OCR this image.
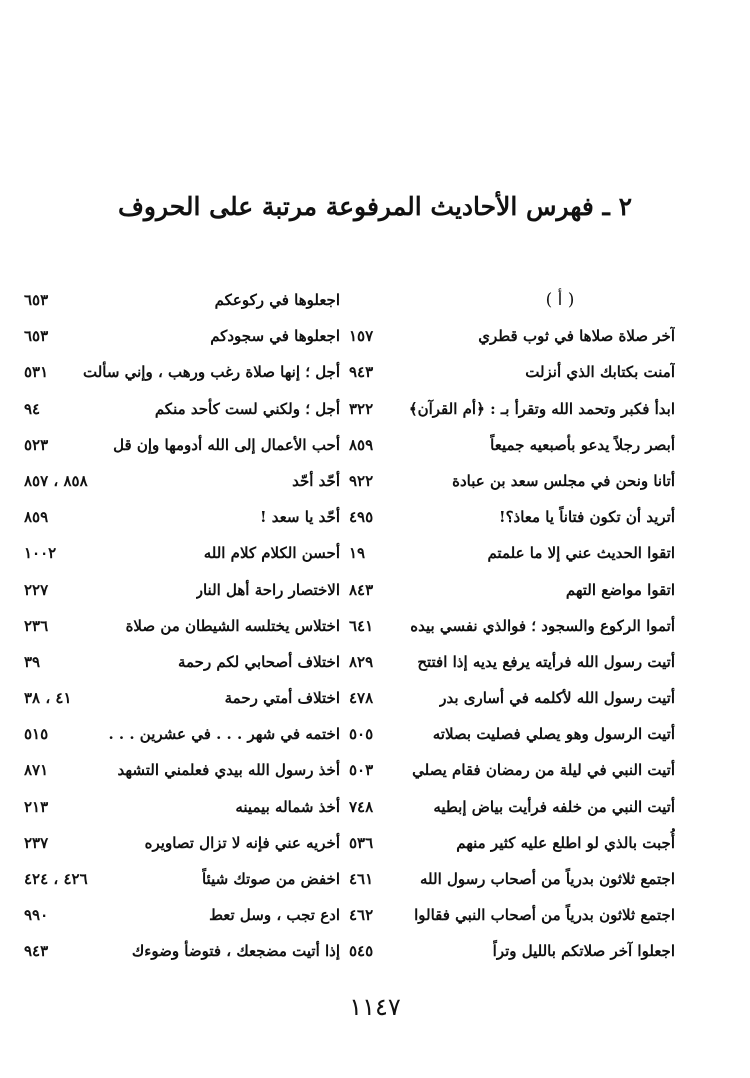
٢ ـ فهرس الأحاديث المرفوعة مرتبة على الحروف
( أ )
آخر صلاة صلاها في ثوب قطري
١٥٧
آمنت بكتابك الذي أنزلت
٩٤٣
ابدأ فكبر وتحمد الله وتقرأ بـ : ﴿أم القرآن﴾
٣٢٢
أبصر رجلاً يدعو بأصبعيه جميعاً
٨٥٩
أتانا ونحن في مجلس سعد بن عبادة
٩٢٢
أتريد أن تكون فتاناً يا معاذ؟!
٤٩٥
اتقوا الحديث عني إلا ما علمتم
١٩
اتقوا مواضع التهم
٨٤٣
أتموا الركوع والسجود ؛ فوالذي نفسي بيده
٦٤١
أتيت رسول الله فرأيته يرفع يديه إذا افتتح
٨٢٩
أتيت رسول الله لأكلمه في أسارى بدر
٤٧٨
أتيت الرسول وهو يصلي فصليت بصلاته
٥٠٥
أتيت النبي في ليلة من رمضان فقام يصلي
٥٠٣
أتيت النبي من خلفه فرأيت بياض إبطيه
٧٤٨
أُجبت بالذي لو اطلع عليه كثير منهم
٥٣٦
اجتمع ثلاثون بدرياً من أصحاب رسول الله
٤٦١
اجتمع ثلاثون بدرياً من أصحاب النبي فقالوا
٤٦٢
اجعلوا آخر صلاتكم بالليل وتراً
٥٤٥
اجعلوها في ركوعكم
٦٥٣
اجعلوها في سجودكم
٦٥٣
أجل ؛ إنها صلاة رغب ورهب ، وإني سألت
٥٣١
أجل ؛ ولكني لست كأحد منكم
٩٤
أحب الأعمال إلى الله أدومها وإن قل
٥٢٣
أحّد أحّد
٨٥٨ ، ٨٥٧
أحّد يا سعد !
٨٥٩
أحسن الكلام كلام الله
١٠٠٢
الاختصار راحة أهل النار
٢٢٧
اختلاس يختلسه الشيطان من صلاة
٢٣٦
اختلاف أصحابي لكم رحمة
٣٩
اختلاف أمتي رحمة
٤١ ، ٣٨
اختمه في شهر . . . في عشرين . . .
٥١٥
أخذ رسول الله بيدي فعلمني التشهد
٨٧١
أخذ شماله بيمينه
٢١٣
أخريه عني فإنه لا تزال تصاويره
٢٣٧
اخفض من صوتك شيئاً
٤٢٦ ، ٤٢٤
ادع تجب ، وسل تعط
٩٩٠
إذا أتيت مضجعك ، فتوضأ وضوءك
٩٤٣
١١٤٧
